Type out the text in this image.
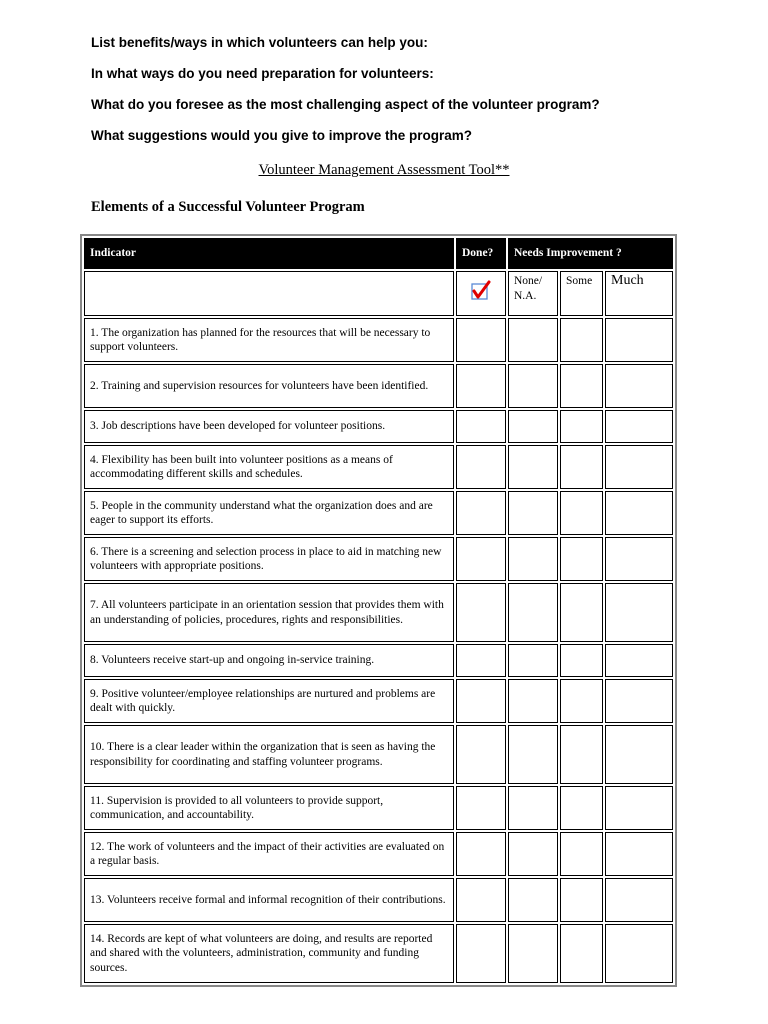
List benefits/ways in which volunteers can help you:
In what ways do you need preparation for volunteers:
What do you foresee as the most challenging aspect of the volunteer program?
What suggestions would you give to improve the program?
Volunteer Management Assessment Tool**
Elements of a Successful Volunteer Program
Indicator	Done?	Needs Improvement ?		
		None/ N.A.	Some	Much
1. The organization has planned for the resources that will be necessary to support volunteers.				
2. Training and supervision resources for volunteers have been identified.				
3. Job descriptions have been developed for volunteer positions.				
4. Flexibility has been built into volunteer positions as a means of accommodating different skills and schedules.				
5. People in the community understand what the organization does and are eager to support its efforts.				
6. There is a screening and selection process in place to aid in matching new volunteers with appropriate positions.				
7. All volunteers participate in an orientation session that provides them with an understanding of policies, procedures, rights and responsibilities.				
8. Volunteers receive start-up and ongoing in-service training.				
9. Positive volunteer/employee relationships are nurtured and problems are dealt with quickly.				
10. There is a clear leader within the organization that is seen as having the responsibility for coordinating and staffing volunteer programs.				
11. Supervision is provided to all volunteers to provide support, communication, and accountability.				
12. The work of volunteers and the impact of their activities are evaluated on a regular basis.				
13. Volunteers receive formal and informal recognition of their contributions.				
14. Records are kept of what volunteers are doing, and results are reported and shared with the volunteers, administration, community and funding sources.				
